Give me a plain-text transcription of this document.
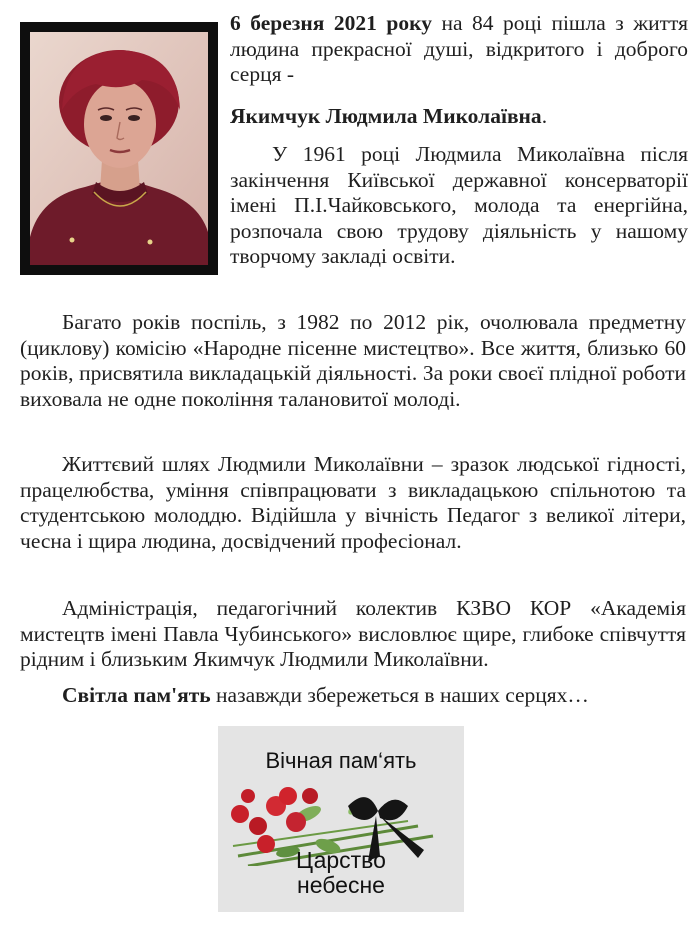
6 березня 2021 року на 84 році пішла з життя людина прекрасної душі, відкритого і доброго серця -

Якимчук Людмила Миколаївна.

У 1961 році Людмила Миколаївна після закінчення Київської державної консерваторії імені П.І.Чайковського, молода та енергійна, розпочала свою трудову діяльність у нашому творчому закладі освіти.

Багато років поспіль, з 1982 по 2012 рік, очолювала предметну (циклову) комісію «Народне пісенне мистецтво». Все життя, близько 60 років, присвятила викладацькій діяльності. За роки своєї плідної роботи виховала не одне покоління талановитої молоді.

Життєвий шлях Людмили Миколаївни – зразок людської гідності, працелюбства, уміння співпрацювати з викладацькою спільнотою та студентською молоддю. Відійшла у вічність Педагог з великої літери, чесна і щира людина, досвідчений професіонал.

Адміністрація, педагогічний колектив КЗВО КОР «Академія мистецтв імені Павла Чубинського» висловлює щире, глибоке співчуття рідним і близьким Якимчук Людмили Миколаївни.

Світла пам'ять назавжди збережеться в наших серцях…

Вічная пам‘ять
Царство
небесне
